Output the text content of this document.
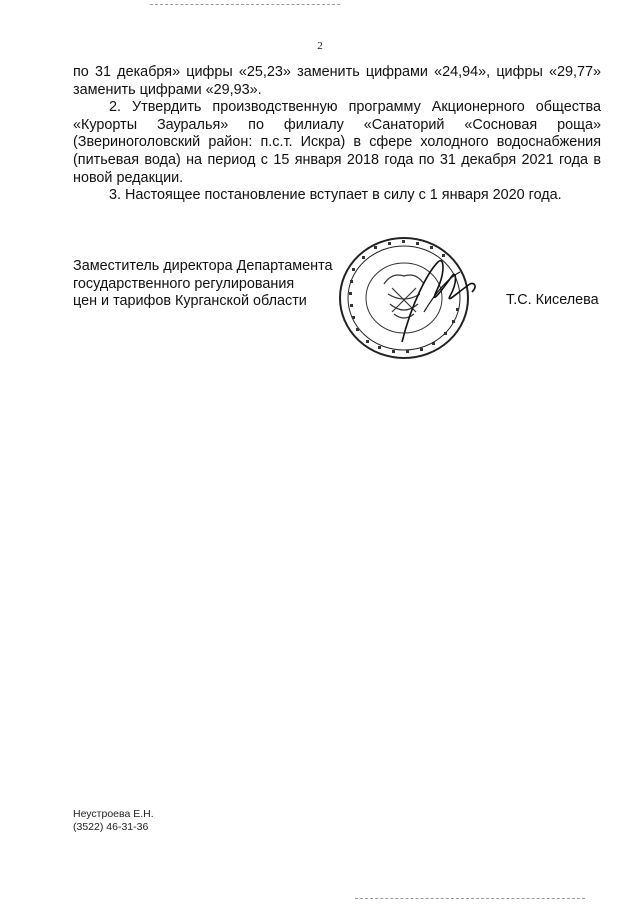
2

по 31 декабря» цифры «25,23» заменить цифрами «24,94», цифры «29,77» заменить цифрами «29,93».

2. Утвердить производственную программу Акционерного общества «Курорты Зауралья» по филиалу «Санаторий «Сосновая роща» (Звериноголовский район: п.с.т. Искра) в сфере холодного водоснабжения (питьевая вода) на период с 15 января 2018 года по 31 декабря 2021 года в новой редакции.

3. Настоящее постановление вступает в силу с 1 января 2020 года.

Заместитель директора Департамента
государственного регулирования
цен и тарифов Курганской области	Т.С. Киселева
Неустроева Е.Н.
(3522) 46-31-36
